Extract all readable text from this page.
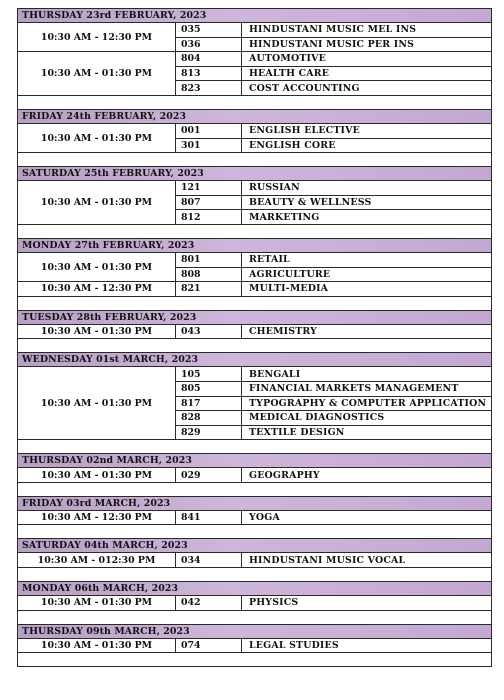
THURSDAY 23rd FEBRUARY, 2023		
10:30 AM - 12:30 PM	035	HINDUSTANI MUSIC MEL INS
	036	HINDUSTANI MUSIC PER INS
10:30 AM - 01:30 PM	804	AUTOMOTIVE
	813	HEALTH CARE
	823	COST ACCOUNTING

FRIDAY 24th FEBRUARY, 2023		
10:30 AM - 01:30 PM	001	ENGLISH ELECTIVE
	301	ENGLISH CORE

SATURDAY 25th FEBRUARY, 2023		
10:30 AM - 01:30 PM	121	RUSSIAN
	807	BEAUTY & WELLNESS
	812	MARKETING

MONDAY 27th FEBRUARY, 2023		
10:30 AM - 01:30 PM	801	RETAIL
	808	AGRICULTURE
10:30 AM - 12:30 PM	821	MULTI-MEDIA

TUESDAY 28th FEBRUARY, 2023		
10:30 AM - 01:30 PM	043	CHEMISTRY

WEDNESDAY 01st MARCH, 2023		
10:30 AM - 01:30 PM	105	BENGALI
	805	FINANCIAL MARKETS MANAGEMENT
	817	TYPOGRAPHY & COMPUTER APPLICATION
	828	MEDICAL DIAGNOSTICS
	829	TEXTILE DESIGN

THURSDAY 02nd MARCH, 2023		
10:30 AM - 01:30 PM	029	GEOGRAPHY

FRIDAY 03rd MARCH, 2023		
10:30 AM - 12:30 PM	841	YOGA

SATURDAY 04th MARCH, 2023		
10:30 AM - 012:30 PM	034	HINDUSTANI MUSIC VOCAL

MONDAY 06th MARCH, 2023		
10:30 AM - 01:30 PM	042	PHYSICS

THURSDAY 09th MARCH, 2023		
10:30 AM - 01:30 PM	074	LEGAL STUDIES
